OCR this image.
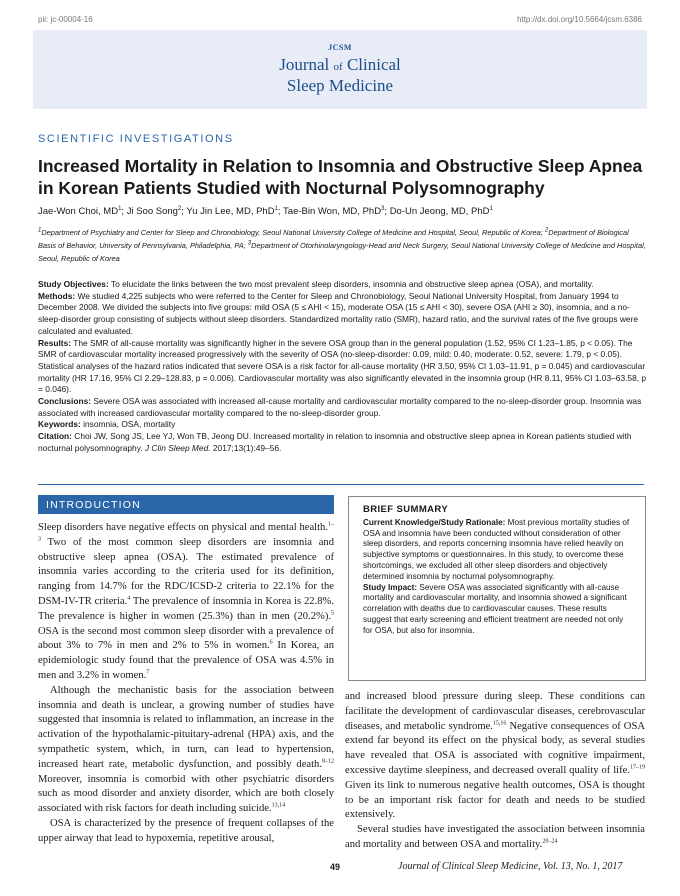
pii: jc-00004-16	http://dx.doi.org/10.5664/jcsm.6386
JCSM
Journal of Clinical
Sleep Medicine
SCIENTIFIC INVESTIGATIONS
Increased Mortality in Relation to Insomnia and Obstructive Sleep Apnea in Korean Patients Studied with Nocturnal Polysomnography
Jae-Won Choi, $MD^1$; Ji Soo Song$^2$; Yu Jin Lee, MD, PhD$^1$; Tae-Bin Won, MD, PhD$^3$; Do-Un Jeong, MD, PhD$^1$
$^1$Department of Psychiatry and Center for Sleep and Chronobiology, Seoul National University College of Medicine and Hospital, Seoul, Republic of Korea; $^2$Department of Biological Basis of Behavior, University of Pennsylvania, Philadelphia, PA; $^3$Department of Otorhinolaryngology-Head and Neck Surgery, Seoul National University College of Medicine and Hospital, Seoul, Republic of Korea

Study Objectives: To elucidate the links between the two most prevalent sleep disorders, insomnia and obstructive sleep apnea (OSA), and mortality.

Methods: We studied 4,225 subjects who were referred to the Center for Sleep and Chronobiology, Seoul National University Hospital, from January 1994 to December 2008. We divided the subjects into five groups: mild OSA (5 ≤ AHI < 15), moderate OSA (15 ≤ AHI < 30), severe OSA (AHI ≥ 30), insomnia, and a no-sleep-disorder group consisting of subjects without sleep disorders. Standardized mortality ratio (SMR), hazard ratio, and the survival rates of the five groups were calculated and evaluated.

Results: The SMR of all-cause mortality was significantly higher in the severe OSA group than in the general population (1.52, 95% CI 1.23–1.85, p < 0.05). The SMR of cardiovascular mortality increased progressively with the severity of OSA (no-sleep-disorder: 0.09, mild: 0.40, moderate: 0.52, severe: 1.79, p < 0.05). Statistical analyses of the hazard ratios indicated that severe OSA is a risk factor for all-cause mortality (HR 3.50, 95% CI 1.03–11.91, p = 0.045) and cardiovascular mortality (HR 17.16, 95% CI 2.29–128.83, p = 0.006). Cardiovascular mortality was also significantly elevated in the insomnia group (HR 8.11, 95% CI 1.03–63.58, p = 0.046).

Conclusions: Severe OSA was associated with increased all-cause mortality and cardiovascular mortality compared to the no-sleep-disorder group. Insomnia was associated with increased cardiovascular mortality compared to the no-sleep-disorder group.

Keywords: insomnia, OSA, mortality

Citation: Choi JW, Song JS, Lee YJ, Won TB, Jeong DU. Increased mortality in relation to insomnia and obstructive sleep apnea in Korean patients studied with nocturnal polysomnography. J Clin Sleep Med. 2017;13(1):49–56.

INTRODUCTION

Sleep disorders have negative effects on physical and mental health.$^{1-3}$ Two of the most common sleep disorders are insomnia and obstructive sleep apnea (OSA). The estimated prevalence of insomnia varies according to the criteria used for its definition, ranging from 14.7% for the RDC/ICSD-2 criteria to 22.1% for the DSM-IV-TR criteria.$^4$ The prevalence of insomnia in Korea is 22.8%. The prevalence is higher in women (25.3%) than in men (20.2%).$^5$ OSA is the second most common sleep disorder with a prevalence of about 3% to 7% in men and 2% to 5% in women.$^6$ In Korea, an epidemiologic study found that the prevalence of OSA was 4.5% in men and 3.2% in women.$^7$

Although the mechanistic basis for the association between insomnia and death is unclear, a growing number of studies have suggested that insomnia is related to inflammation, an increase in the activation of the hypothalamic-pituitary-adrenal (HPA) axis, and the sympathetic system, which, in turn, can lead to hypertension, increased heart rate, metabolic dysfunction, and possibly death.$^{8-12}$ Moreover, insomnia is comorbid with other psychiatric disorders such as mood disorder and anxiety disorder, which are both closely associated with risk factors for death including suicide.$^{13,14}$

OSA is characterized by the presence of frequent collapses of the upper airway that lead to hypoxemia, repetitive arousal,

BRIEF SUMMARY

Current Knowledge/Study Rationale: Most previous mortality studies of OSA and insomnia have been conducted without consideration of other sleep disorders, and reports concerning insomnia have relied heavily on subjective symptoms or questionnaires. In this study, to overcome these shortcomings, we excluded all other sleep disorders and objectively determined insomnia by nocturnal polysomnography.

Study Impact: Severe OSA was associated significantly with all-cause mortality and cardiovascular mortality, and insomnia showed a significant correlation with deaths due to cardiovascular causes. These results suggest that early screening and efficient treatment are needed not only for OSA, but also for insomnia.

and increased blood pressure during sleep. These conditions can facilitate the development of cardiovascular diseases, cerebrovascular diseases, and metabolic syndrome.$^{15,16}$ Negative consequences of OSA extend far beyond its effect on the physical body, as several studies have revealed that OSA is associated with cognitive impairment, excessive daytime sleepiness, and decreased overall quality of life.$^{17-19}$ Given its link to numerous negative health outcomes, OSA is thought to be an important risk factor for death and needs to be studied extensively.

Several studies have investigated the association between insomnia and mortality and between OSA and mortality.$^{20-24}$

49	Journal of Clinical Sleep Medicine, Vol. 13, No. 1, 2017
